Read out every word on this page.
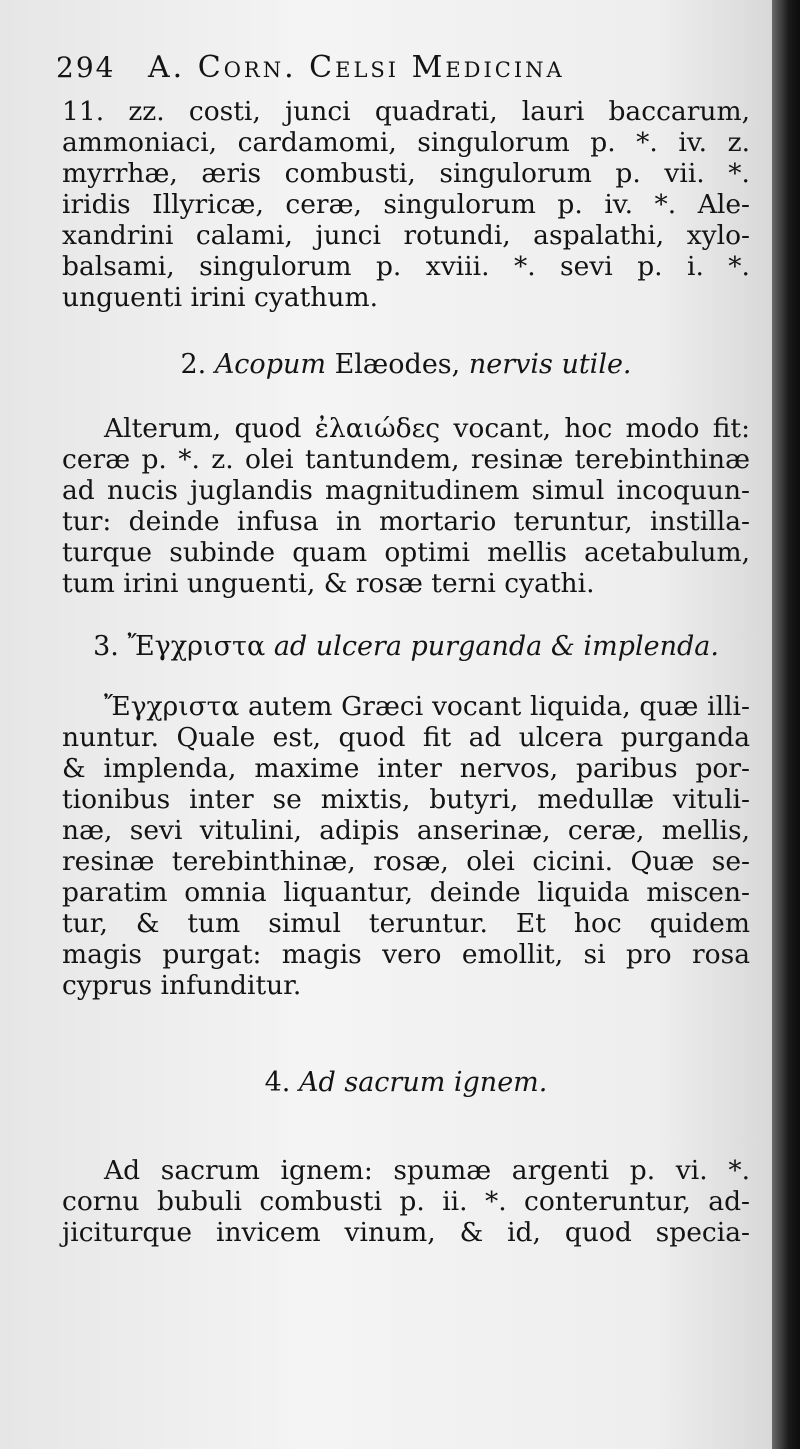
294	A. Corn. Celsi Medicina
11. zz. costi, junci quadrati, lauri baccarum,
ammoniaci, cardamomi, singulorum p. *. iv. z.
myrrhæ, æris combusti, singulorum p. vii. *.
iridis Illyricæ, ceræ, singulorum p. iv. *. Ale-
xandrini calami, junci rotundi, aspalathi, xylo-
balsami, singulorum p. xviii. *. sevi p. i. *.
unguenti irini cyathum.
2. Acopum Elæodes, nervis utile.
Alterum, quod ἐλαιώδες vocant, hoc modo fit:
ceræ p. *. z. olei tantundem, resinæ terebinthinæ
ad nucis juglandis magnitudinem simul incoquun-
tur: deinde infusa in mortario teruntur, instilla-
turque subinde quam optimi mellis acetabulum,
tum irini unguenti, & rosæ terni cyathi.
3. Ἔγχριστα ad ulcera purganda & implenda.
Ἔγχριστα autem Græci vocant liquida, quæ illi-
nuntur. Quale est, quod fit ad ulcera purganda
& implenda, maxime inter nervos, paribus por-
tionibus inter se mixtis, butyri, medullæ vituli-
næ, sevi vitulini, adipis anserinæ, ceræ, mellis,
resinæ terebinthinæ, rosæ, olei cicini. Quæ se-
paratim omnia liquantur, deinde liquida miscen-
tur, & tum simul teruntur. Et hoc quidem
magis purgat: magis vero emollit, si pro rosa
cyprus infunditur.
4. Ad sacrum ignem.
Ad sacrum ignem: spumæ argenti p. vi. *.
cornu bubuli combusti p. ii. *. conteruntur, ad-
jiciturque invicem vinum, & id, quod specia-
